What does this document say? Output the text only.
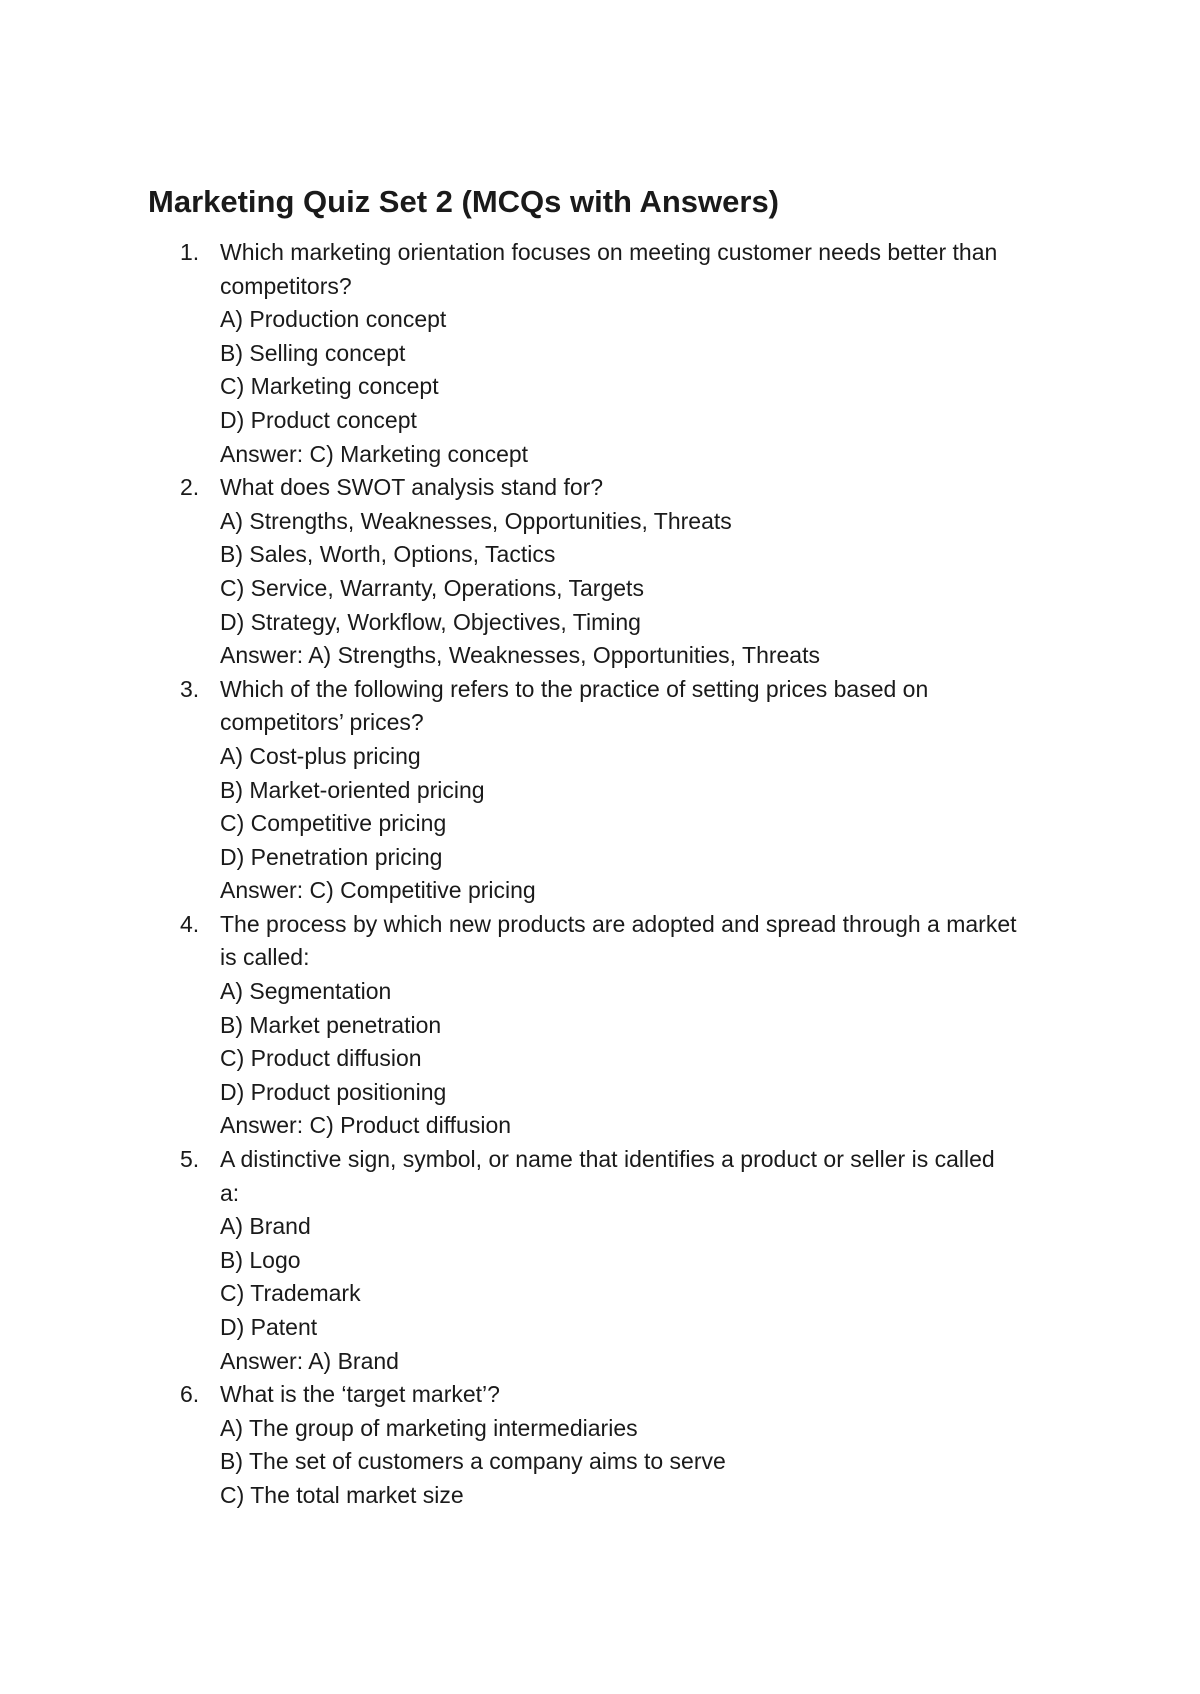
Marketing Quiz Set 2 (MCQs with Answers)
1. Which marketing orientation focuses on meeting customer needs better than
competitors?
A) Production concept
B) Selling concept
C) Marketing concept
D) Product concept
Answer: C) Marketing concept
2. What does SWOT analysis stand for?
A) Strengths, Weaknesses, Opportunities, Threats
B) Sales, Worth, Options, Tactics
C) Service, Warranty, Operations, Targets
D) Strategy, Workflow, Objectives, Timing
Answer: A) Strengths, Weaknesses, Opportunities, Threats
3. Which of the following refers to the practice of setting prices based on
competitors’ prices?
A) Cost-plus pricing
B) Market-oriented pricing
C) Competitive pricing
D) Penetration pricing
Answer: C) Competitive pricing
4. The process by which new products are adopted and spread through a market
is called:
A) Segmentation
B) Market penetration
C) Product diffusion
D) Product positioning
Answer: C) Product diffusion
5. A distinctive sign, symbol, or name that identifies a product or seller is called
a:
A) Brand
B) Logo
C) Trademark
D) Patent
Answer: A) Brand
6. What is the ‘target market’?
A) The group of marketing intermediaries
B) The set of customers a company aims to serve
C) The total market size
